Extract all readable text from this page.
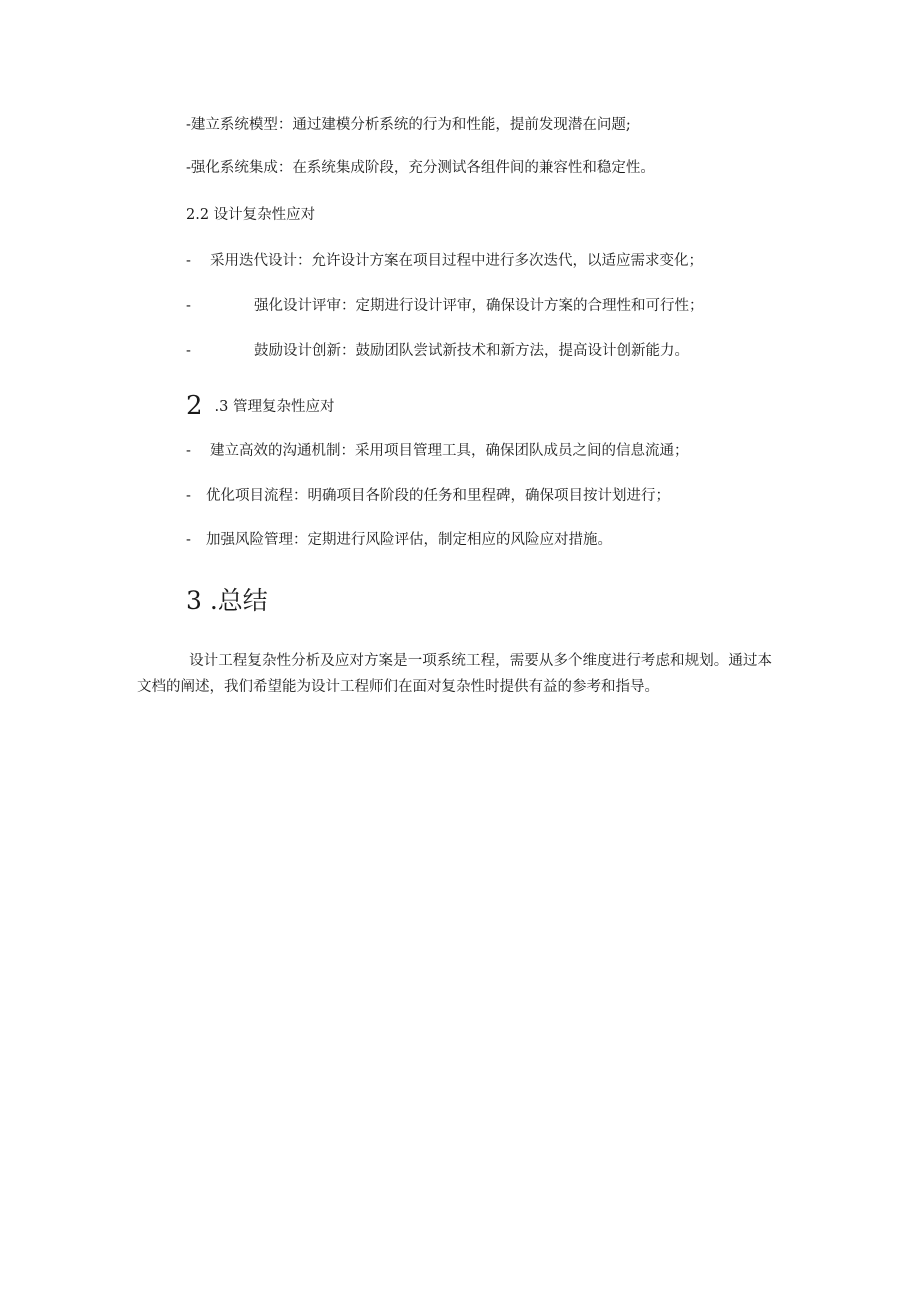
-建立系统模型：通过建模分析系统的行为和性能，提前发现潜在问题;
-强化系统集成：在系统集成阶段，充分测试各组件间的兼容性和稳定性。
2.2 设计复杂性应对
- 采用迭代设计：允许设计方案在项目过程中进行多次迭代，以适应需求变化；
-	强化设计评审：定期进行设计评审，确保设计方案的合理性和可行性；
-	鼓励设计创新：鼓励团队尝试新技术和新方法，提高设计创新能力。
2 .3 管理复杂性应对
- 建立高效的沟通机制：采用项目管理工具，确保团队成员之间的信息流通；
- 优化项目流程：明确项目各阶段的任务和里程碑，确保项目按计划进行；
- 加强风险管理：定期进行风险评估，制定相应的风险应对措施。
3 .总结
设计工程复杂性分析及应对方案是一项系统工程，需要从多个维度进行考虑和规划。通过本文档的阐述，我们希望能为设计工程师们在面对复杂性时提供有益的参考和指导。
